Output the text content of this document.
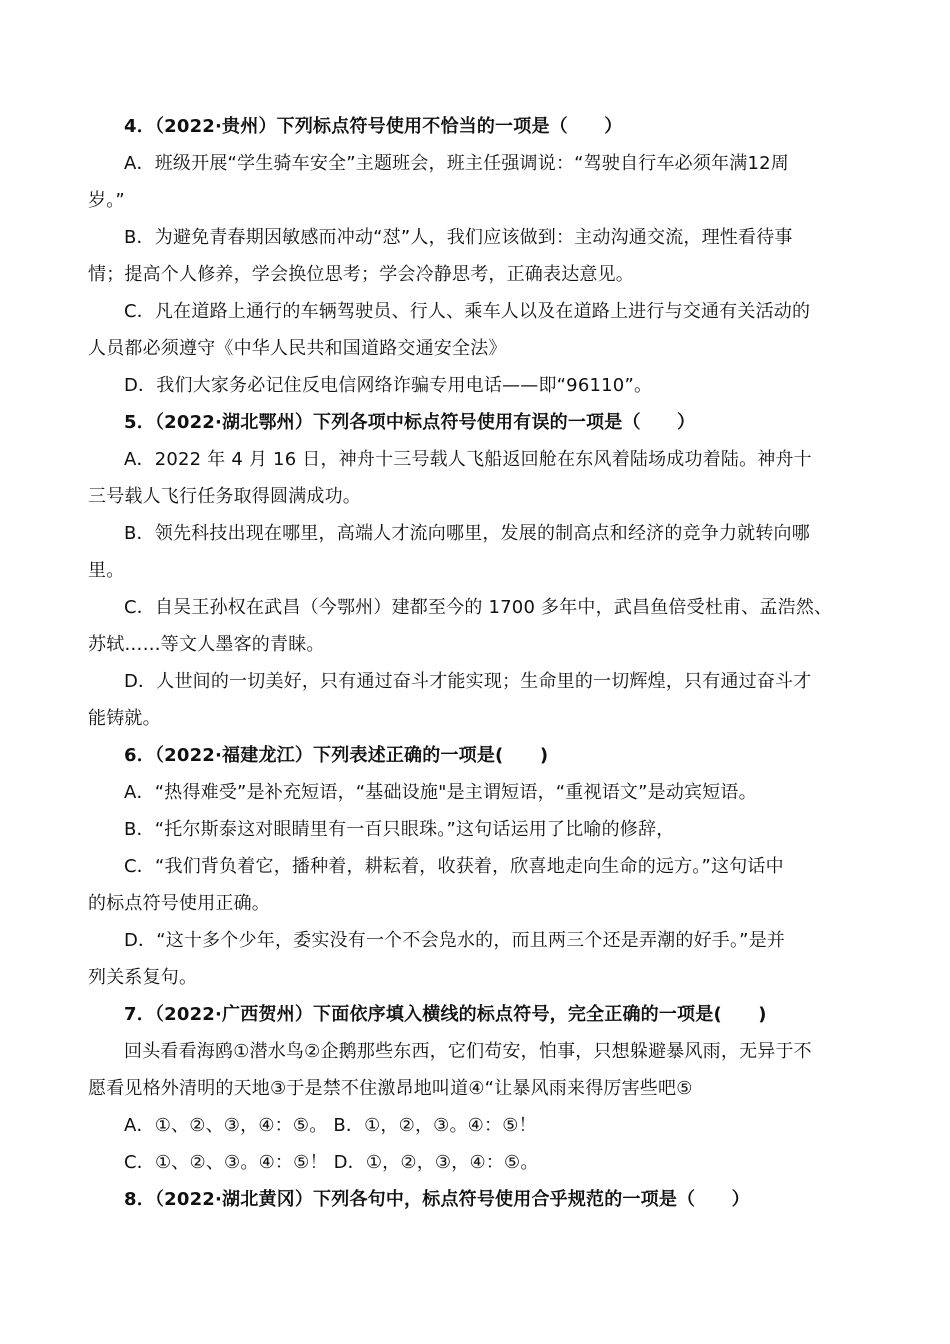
4．（2022·贵州）下列标点符号使用不恰当的一项是（　　）
A．班级开展“学生骑车安全”主题班会，班主任强调说：“驾驶自行车必须年满12周
岁。”
B．为避免青春期因敏感而冲动“怼”人，我们应该做到：主动沟通交流，理性看待事
情；提高个人修养，学会换位思考；学会冷静思考，正确表达意见。
C．凡在道路上通行的车辆驾驶员、行人、乘车人以及在道路上进行与交通有关活动的
人员都必须遵守《中华人民共和国道路交通安全法》
D．我们大家务必记住反电信网络诈骗专用电话——即“96110”。
5．（2022·湖北鄂州）下列各项中标点符号使用有误的一项是（　　）
A．2022 年 4 月 16 日，神舟十三号载人飞船返回舱在东风着陆场成功着陆。神舟十
三号载人飞行任务取得圆满成功。
B．领先科技出现在哪里，高端人才流向哪里，发展的制高点和经济的竞争力就转向哪
里。
C．自吴王孙权在武昌（今鄂州）建都至今的 1700 多年中，武昌鱼倍受杜甫、孟浩然、
苏轼……等文人墨客的青睐。
D．人世间的一切美好，只有通过奋斗才能实现；生命里的一切辉煌，只有通过奋斗才
能铸就。
6．（2022·福建龙江）下列表述正确的一项是(　　)
A．“热得难受”是补充短语，“基础设施"是主谓短语，“重视语文”是动宾短语。
B．“托尔斯泰这对眼睛里有一百只眼珠。”这句话运用了比喻的修辞，
C．“我们背负着它，播种着，耕耘着，收获着，欣喜地走向生命的远方。”这句话中
的标点符号使用正确。
D．“这十多个少年，委实没有一个不会凫水的，而且两三个还是弄潮的好手。”是并
列关系复句。
7．（2022·广西贺州）下面依序填入横线的标点符号，完全正确的一项是(　　)
回头看看海鸥①潜水鸟②企鹅那些东西，它们苟安，怕事，只想躲避暴风雨，无异于不
愿看见格外清明的天地③于是禁不住激昂地叫道④“让暴风雨来得厉害些吧⑤
A．①、②、③，④：⑤。 B．①，②，③。④：⑤！
C．①、②、③。④：⑤！ D．①，②，③，④：⑤。
8．（2022·湖北黄冈）下列各句中，标点符号使用合乎规范的一项是（　　）
